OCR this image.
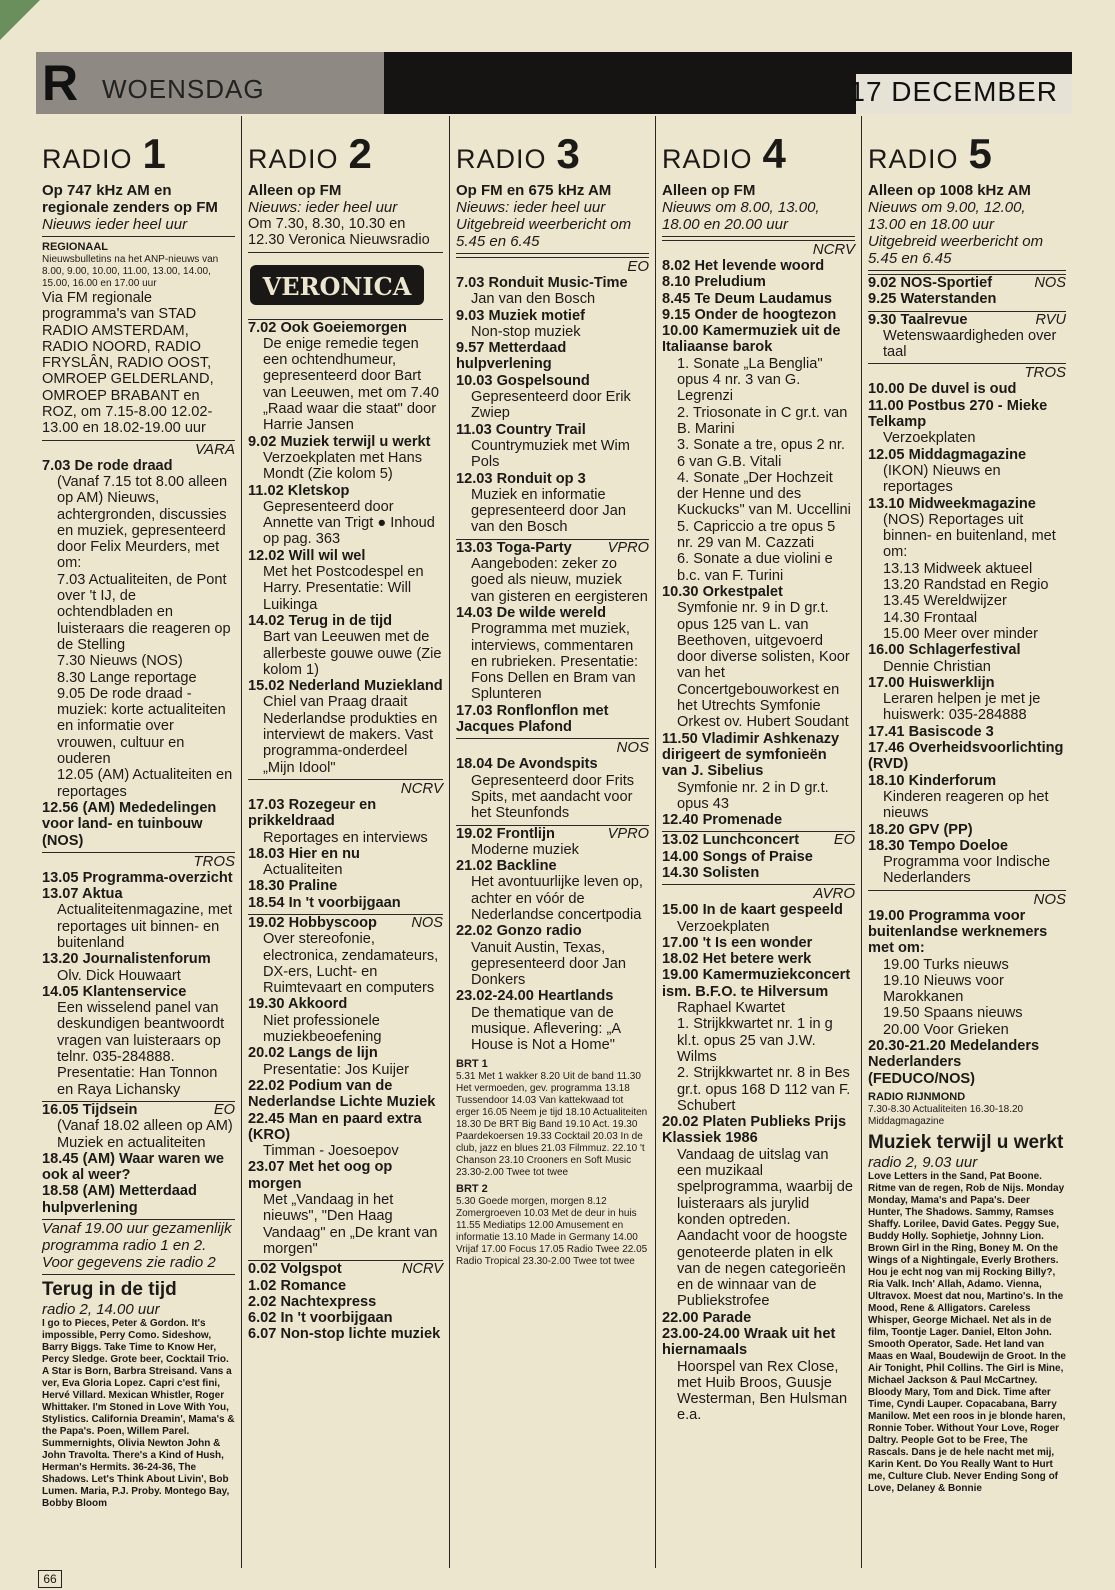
R WOENSDAG	17 DECEMBER
RADIO 1
Op 747 kHz AM en regionale zenders op FM
Nieuws ieder heel uur
REGIONAAL
Nieuwsbulletins na het ANP-nieuws van 8.00, 9.00, 10.00, 11.00, 13.00, 14.00, 15.00, 16.00 en 17.00 uur
Via FM regionale programma's van STAD RADIO AMSTERDAM, RADIO NOORD, RADIO FRYSLÂN, RADIO OOST, OMROEP GELDERLAND, OMROEP BRABANT en ROZ, om 7.15-8.00 12.02-13.00 en 18.02-19.00 uur
VARA
7.03 De rode draad
(Vanaf 7.15 tot 8.00 alleen op AM) Nieuws, achtergronden, discussies en muziek, gepresenteerd door Felix Meurders, met om:
7.03 Actualiteiten, de Pont over 't IJ, de ochtendbladen en luisteraars die reageren op de Stelling
7.30 Nieuws (NOS)
8.30 Lange reportage
9.05 De rode draad - muziek: korte actualiteiten en informatie over vrouwen, cultuur en ouderen
12.05 (AM) Actualiteiten en reportages
12.56 (AM) Mededelingen voor land- en tuinbouw (NOS)
TROS
13.05 Programma-overzicht
13.07 Aktua
Actualiteitenmagazine, met reportages uit binnen- en buitenland
13.20 Journalistenforum
Olv. Dick Houwaart
14.05 Klantenservice
Een wisselend panel van deskundigen beantwoordt vragen van luisteraars op telnr. 035-284888. Presentatie: Han Tonnon en Raya Lichansky
16.05 Tijdsein	EO
(Vanaf 18.02 alleen op AM) Muziek en actualiteiten
18.45 (AM) Waar waren we ook al weer?
18.58 (AM) Metterdaad hulpverlening
Vanaf 19.00 uur gezamenlijk programma radio 1 en 2. Voor gegevens zie radio 2
Terug in de tijd
radio 2, 14.00 uur
I go to Pieces, Peter & Gordon. It's impossible, Perry Como. Sideshow, Barry Biggs. Take Time to Know Her, Percy Sledge. Grote beer, Cocktail Trio. A Star is Born, Barbra Streisand. Vans a ver, Eva Gloria Lopez. Capri c'est fini, Hervé Villard. Mexican Whistler, Roger Whittaker. I'm Stoned in Love With You, Stylistics. California Dreamin', Mama's & the Papa's. Poen, Willem Parel. Summernights, Olivia Newton John & John Travolta. There's a Kind of Hush, Herman's Hermits. 36-24-36, The Shadows. Let's Think About Livin', Bob Lumen. Maria, P.J. Proby. Montego Bay, Bobby Bloom
RADIO 2
Alleen op FM
Nieuws: ieder heel uur
Om 7.30, 8.30, 10.30 en 12.30 Veronica Nieuwsradio
VERONICA
7.02 Ook Goeiemorgen
De enige remedie tegen een ochtendhumeur, gepresenteerd door Bart van Leeuwen, met om 7.40 „Raad waar die staat" door Harrie Jansen
9.02 Muziek terwijl u werkt
Verzoekplaten met Hans Mondt (Zie kolom 5)
11.02 Kletskop
Gepresenteerd door Annette van Trigt ● Inhoud op pag. 363
12.02 Will wil wel
Met het Postcodespel en Harry. Presentatie: Will Luikinga
14.02 Terug in de tijd
Bart van Leeuwen met de allerbeste gouwe ouwe (Zie kolom 1)
15.02 Nederland Muziekland
Chiel van Praag draait Nederlandse produkties en interviewt de makers. Vast programma-onderdeel „Mijn Idool"
NCRV
17.03 Rozegeur en prikkeldraad
Reportages en interviews
18.03 Hier en nu
Actualiteiten
18.30 Praline
18.54 In 't voorbijgaan
19.02 Hobbyscoop NOS
Over stereofonie, electronica, zendamateurs, DX-ers, Lucht- en Ruimtevaart en computers
19.30 Akkoord
Niet professionele muziekbeoefening
20.02 Langs de lijn
Presentatie: Jos Kuijer
22.02 Podium van de Nederlandse Lichte Muziek
22.45 Man en paard extra (KRO)
Timman - Joesoepov
23.07 Met het oog op morgen
Met „Vandaag in het nieuws", "Den Haag Vandaag" en „De krant van morgen"
0.02 Volgspot	NCRV
1.02 Romance
2.02 Nachtexpress
6.02 In 't voorbijgaan
6.07 Non-stop lichte muziek
RADIO 3
Op FM en 675 kHz AM
Nieuws: ieder heel uur Uitgebreid weerbericht om 5.45 en 6.45
EO
7.03 Ronduit Music-Time
Jan van den Bosch
9.03 Muziek motief
Non-stop muziek
9.57 Metterdaad hulpverlening
10.03 Gospelsound
Gepresenteerd door Erik Zwiep
11.03 Country Trail
Countrymuziek met Wim Pols
12.03 Ronduit op 3
Muziek en informatie gepresenteerd door Jan van den Bosch
13.03 Toga-Party VPRO
Aangeboden: zeker zo goed als nieuw, muziek van gisteren en eergisteren
14.03 De wilde wereld
Programma met muziek, interviews, commentaren en rubrieken. Presentatie: Fons Dellen en Bram van Splunteren
17.03 Ronflonflon met Jacques Plafond
NOS
18.04 De Avondspits
Gepresenteerd door Frits Spits, met aandacht voor het Steunfonds
19.02 Frontlijn	VPRO
Moderne muziek
21.02 Backline
Het avontuurlijke leven op, achter en vóór de Nederlandse concertpodia
22.02 Gonzo radio
Vanuit Austin, Texas, gepresenteerd door Jan Donkers
23.02-24.00 Heartlands
De thematique van de musique. Aflevering: „A House is Not a Home"
BRT 1
5.31 Met 1 wakker 8.20 Uit de band 11.30 Het vermoeden, gev. programma 13.18 Tussendoor 14.03 Van kattekwaad tot erger 16.05 Neem je tijd 18.10 Actualiteiten 18.30 De BRT Big Band 19.10 Act. 19.30 Paardekoersen 19.33 Cocktail 20.03 In de club, jazz en blues 21.03 Filmmuz. 22.10 't Chanson 23.10 Crooners en Soft Music 23.30-2.00 Twee tot twee
BRT 2
5.30 Goede morgen, morgen 8.12 Zomergroeven 10.03 Met de deur in huis 11.55 Mediatips 12.00 Amusement en informatie 13.10 Made in Germany 14.00 Vrijaf 17.00 Focus 17.05 Radio Twee 22.05 Radio Tropical 23.30-2.00 Twee tot twee
RADIO 4
Alleen op FM
Nieuws om 8.00, 13.00, 18.00 en 20.00 uur
NCRV
8.02 Het levende woord
8.10 Preludium
8.45 Te Deum Laudamus
9.15 Onder de hoogtezon
10.00 Kamermuziek uit de Italiaanse barok
1. Sonate „La Benglia" opus 4 nr. 3 van G. Legrenzi
2. Triosonate in C gr.t. van B. Marini
3. Sonate a tre, opus 2 nr. 6 van G.B. Vitali
4. Sonate „Der Hochzeit der Henne und des Kuckucks" van M. Uccellini
5. Capriccio a tre opus 5 nr. 29 van M. Cazzati
6. Sonate a due violini e b.c. van F. Turini
10.30 Orkestpalet
Symfonie nr. 9 in D gr.t. opus 125 van L. van Beethoven, uitgevoerd door diverse solisten, Koor van het Concertgebouworkest en het Utrechts Symfonie Orkest ov. Hubert Soudant
11.50 Vladimir Ashkenazy dirigeert de symfonieën van J. Sibelius
Symfonie nr. 2 in D gr.t. opus 43
12.40 Promenade
13.02 Lunchconcert EO
14.00 Songs of Praise
14.30 Solisten
AVRO
15.00 In de kaart gespeeld
Verzoekplaten
17.00 't Is een wonder
18.02 Het betere werk
19.00 Kamermuziekconcert ism. B.F.O. te Hilversum
Raphael Kwartet
1. Strijkkwartet nr. 1 in g kl.t. opus 25 van J.W. Wilms
2. Strijkkwartet nr. 8 in Bes gr.t. opus 168 D 112 van F. Schubert
20.02 Platen Publieks Prijs Klassiek 1986
Vandaag de uitslag van een muzikaal spelprogramma, waarbij de luisteraars als jurylid konden optreden. Aandacht voor de hoogste genoteerde platen in elk van de negen categorieën en de winnaar van de Publiekstrofee
22.00 Parade
23.00-24.00 Wraak uit het hiernamaals
Hoorspel van Rex Close, met Huib Broos, Guusje Westerman, Ben Hulsman e.a.
RADIO 5
Alleen op 1008 kHz AM
Nieuws om 9.00, 12.00, 13.00 en 18.00 uur Uitgebreid weerbericht om 5.45 en 6.45
9.02 NOS-Sportief	NOS
9.25 Waterstanden
9.30 Taalrevue	RVU
Wetenswaardigheden over taal
TROS
10.00 De duvel is oud
11.00 Postbus 270 - Mieke Telkamp
Verzoekplaten
12.05 Middagmagazine
(IKON) Nieuws en reportages
13.10 Midweekmagazine
(NOS) Reportages uit binnen- en buitenland, met om:
13.13 Midweek aktueel
13.20 Randstad en Regio
13.45 Wereldwijzer
14.30 Frontaal
15.00 Meer over minder
16.00 Schlagerfestival
Dennie Christian
17.00 Huiswerklijn
Leraren helpen je met je huiswerk: 035-284888
17.41 Basiscode 3
17.46 Overheidsvoorlichting (RVD)
18.10 Kinderforum
Kinderen reageren op het nieuws
18.20 GPV (PP)
18.30 Tempo Doeloe
Programma voor Indische Nederlanders
NOS
19.00 Programma voor buitenlandse werknemers met om:
19.00 Turks nieuws
19.10 Nieuws voor Marokkanen
19.50 Spaans nieuws
20.00 Voor Grieken
20.30-21.20 Medelanders Nederlanders (FEDUCO/NOS)
RADIO RIJNMOND
7.30-8.30 Actualiteiten 16.30-18.20 Middagmagazine
Muziek terwijl u werkt
radio 2, 9.03 uur
Love Letters in the Sand, Pat Boone. Ritme van de regen, Rob de Nijs. Monday Monday, Mama's and Papa's. Deer Hunter, The Shadows. Sammy, Ramses Shaffy. Lorilee, David Gates. Peggy Sue, Buddy Holly. Sophietje, Johnny Lion. Brown Girl in the Ring, Boney M. On the Wings of a Nightingale, Everly Brothers. Hou je echt nog van mij Rocking Billy?, Ria Valk. Inch' Allah, Adamo. Vienna, Ultravox. Moest dat nou, Martino's. In the Mood, Rene & Alligators. Careless Whisper, George Michael. Net als in de film, Toontje Lager. Daniel, Elton John. Smooth Operator, Sade. Het land van Maas en Waal, Boudewijn de Groot. In the Air Tonight, Phil Collins. The Girl is Mine, Michael Jackson & Paul McCartney. Bloody Mary, Tom and Dick. Time after Time, Cyndi Lauper. Copacabana, Barry Manilow. Met een roos in je blonde haren, Ronnie Tober. Without Your Love, Roger Daltry. People Got to be Free, The Rascals. Dans je de hele nacht met mij, Karin Kent. Do You Really Want to Hurt me, Culture Club. Never Ending Song of Love, Delaney & Bonnie
66
